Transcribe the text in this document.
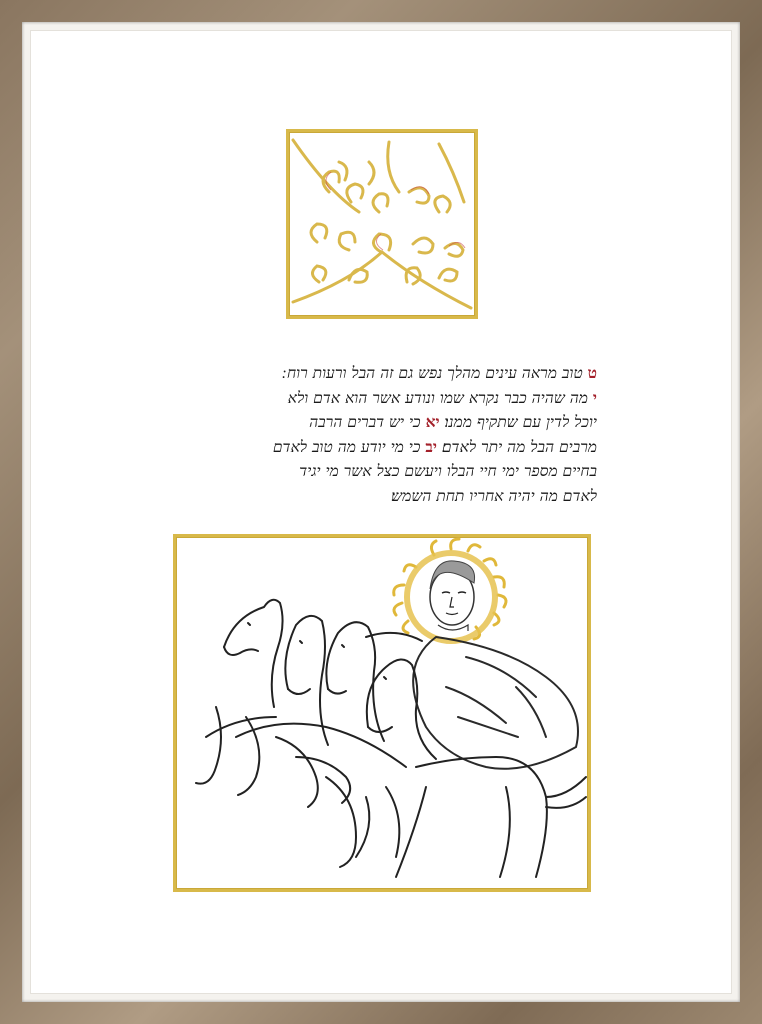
ט טוב מראה עינים מהלך נפש גם זה הבל ורעות רוח ׃
י מה שהיה כבר נקרא שמו ונודע אשר הוא אדם ולא
יוכל לדין עם שתקיף ממנו׃ יא כי יש דברים הרבה
מרבים הבל מה יתר לאדם׃ יב כי מי יודע מה טוב לאדם
בחיים מספר ימי חיי הבלו ויעשם כצל אשר מי יגיד
לאדם מה יהיה אחריו תחת השמש׃
